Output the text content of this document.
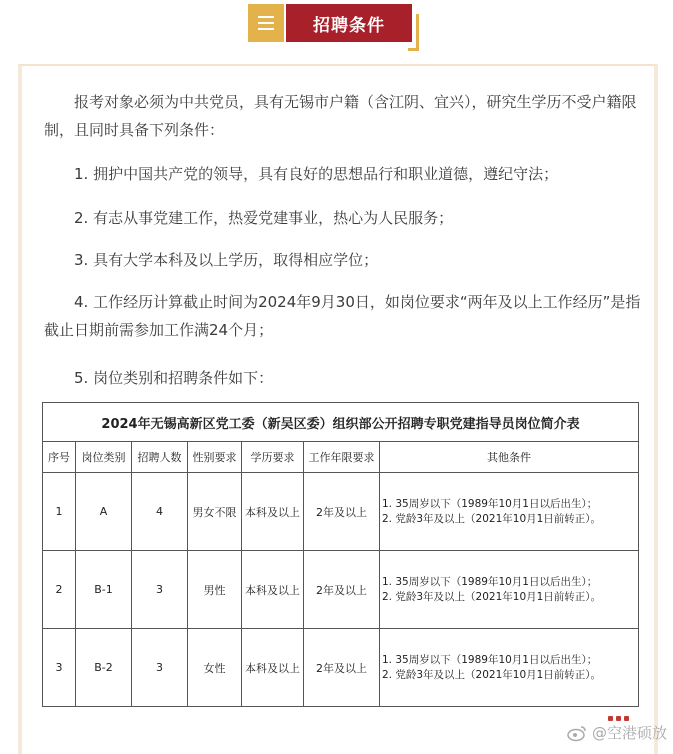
招聘条件
报考对象必须为中共党员，具有无锡市户籍（含江阴、宜兴），研究生学历不受户籍限制，且同时具备下列条件：
1. 拥护中国共产党的领导，具有良好的思想品行和职业道德，遵纪守法；
2. 有志从事党建工作，热爱党建事业，热心为人民服务；
3. 具有大学本科及以上学历，取得相应学位；
4. 工作经历计算截止时间为2024年9月30日，如岗位要求“两年及以上工作经历”是指截止日期前需参加工作满24个月；
5. 岗位类别和招聘条件如下：
2024年无锡高新区党工委（新吴区委）组织部公开招聘专职党建指导员岗位简介表						
序号	岗位类别	招聘人数	性别要求	学历要求	工作年限要求	其他条件
1	A	4	男女不限	本科及以上	2年及以上	1. 35周岁以下（1989年10月1日以后出生）；
2. 党龄3年及以上（2021年10月1日前转正）。

2	B-1	3	男性	本科及以上	2年及以上	1. 35周岁以下（1989年10月1日以后出生）；
2. 党龄3年及以上（2021年10月1日前转正）。

3	B-2	3	女性	本科及以上	2年及以上	1. 35周岁以下（1989年10月1日以后出生）；
2. 党龄3年及以上（2021年10月1日前转正）。
@空港硕放
